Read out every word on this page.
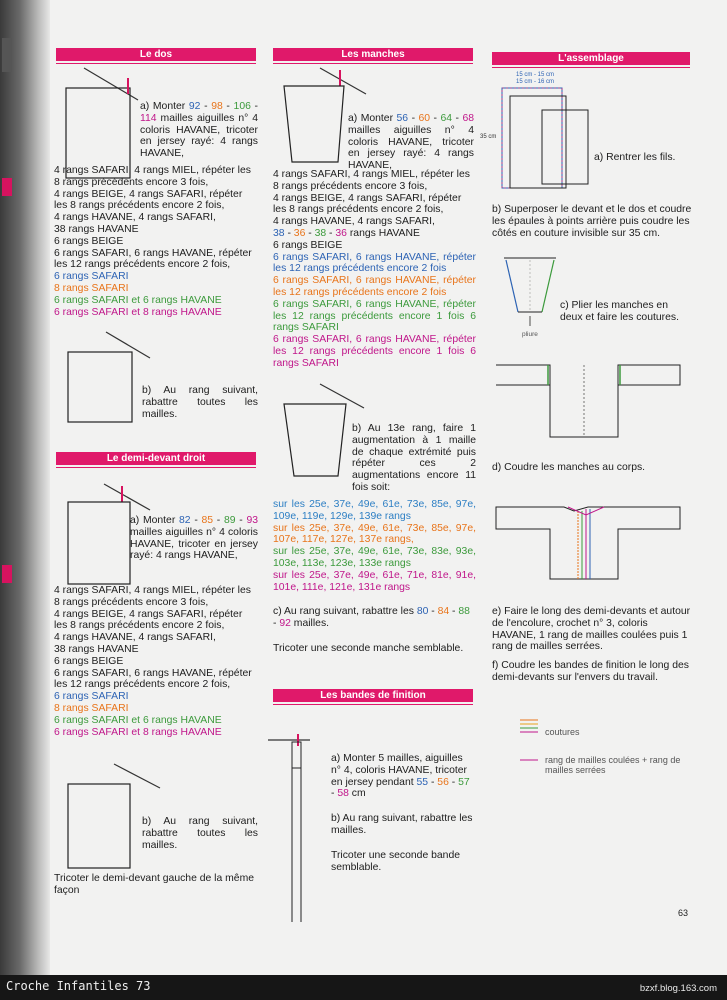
Le dos
a) Monter 92 - 98 - 106 - 114 mailles aiguilles n° 4 coloris HAVANE, tricoter en jersey rayé: 4 rangs HAVANE,

4 rangs SAFARI, 4 rangs MIEL, répéter les 8 rangs précédents encore 3 fois,

4 rangs BEIGE, 4 rangs SAFARI, répéter les 8 rangs précédents encore 2 fois,

4 rangs HAVANE, 4 rangs SAFARI,

38 rangs HAVANE

6 rangs BEIGE

6 rangs SAFARI, 6 rangs HAVANE, répéter les 12 rangs précédents encore 2 fois,

6 rangs SAFARI

8 rangs SAFARI

6 rangs SAFARI et 6 rangs HAVANE

6 rangs SAFARI et 8 rangs HAVANE

b) Au rang suivant, rabattre toutes les mailles.
Le demi-devant droit
a) Monter 82 - 85 - 89 - 93 mailles aiguilles n° 4 coloris HAVANE, tricoter en jersey rayé: 4 rangs HAVANE,

4 rangs SAFARI, 4 rangs MIEL, répéter les 8 rangs précédents encore 3 fois,

4 rangs BEIGE, 4 rangs SAFARI, répéter les 8 rangs précédents encore 2 fois,

4 rangs HAVANE, 4 rangs SAFARI,

38 rangs HAVANE

6 rangs BEIGE

6 rangs SAFARI, 6 rangs HAVANE, répéter les 12 rangs précédents encore 2 fois,

6 rangs SAFARI

8 rangs SAFARI

6 rangs SAFARI et 6 rangs HAVANE

6 rangs SAFARI et 8 rangs HAVANE

b) Au rang suivant, rabattre toutes les mailles.
Tricoter le demi-devant gauche de la même façon
Les manches
a) Monter 56 - 60 - 64 - 68 mailles aiguilles n° 4 coloris HAVANE, tricoter en jersey rayé: 4 rangs HAVANE,

4 rangs SAFARI, 4 rangs MIEL, répéter les 8 rangs précédents encore 3 fois,

4 rangs BEIGE, 4 rangs SAFARI, répéter les 8 rangs précédents encore 2 fois,

4 rangs HAVANE, 4 rangs SAFARI,

38 - 36 - 38 - 36 rangs HAVANE

6 rangs BEIGE

6 rangs SAFARI, 6 rangs HAVANE, répéter les 12 rangs précédents encore 2 fois

6 rangs SAFARI, 6 rangs HAVANE, répéter les 12 rangs précédents encore 2 fois

6 rangs SAFARI, 6 rangs HAVANE, répéter les 12 rangs précédents encore 1 fois 6 rangs SAFARI

6 rangs SAFARI, 6 rangs HAVANE, répéter les 12 rangs précédents encore 1 fois 6 rangs SAFARI

b) Au 13e rang, faire 1 augmentation à 1 maille de chaque extrémité puis répéter ces 2 augmentations encore 11 fois soit:

sur les 25e, 37e, 49e, 61e, 73e, 85e, 97e, 109e, 119e, 129e, 139e rangs

sur les 25e, 37e, 49e, 61e, 73e, 85e, 97e, 107e, 117e, 127e, 137e rangs,

sur les 25e, 37e, 49e, 61e, 73e, 83e, 93e, 103e, 113e, 123e, 133e rangs

sur les 25e, 37e, 49e, 61e, 71e, 81e, 91e, 101e, 111e, 121e, 131e rangs

c) Au rang suivant, rabattre les 80 - 84 - 88 - 92 mailles.
Tricoter une seconde manche semblable.
Les bandes de finition
a) Monter 5 mailles, aiguilles n° 4, coloris HAVANE, tricoter en jersey pendant 55 - 56 - 57 - 58 cm
b) Au rang suivant, rabattre les mailles.
Tricoter une seconde bande semblable.
L'assemblage
15 cm - 15 cm
15 cm - 16 cm
35 cm
a) Rentrer les fils.
b) Superposer le devant et le dos et coudre les épaules à points arrière puis coudre les côtés en couture invisible sur 35 cm.
pliure
c) Plier les manches en deux et faire les coutures.
d) Coudre les manches au corps.
e) Faire le long des demi-devants et autour de l'encolure, crochet n° 3, coloris HAVANE, 1 rang de mailles coulées puis 1 rang de mailles serrées.
f) Coudre les bandes de finition le long des demi-devants sur l'envers du travail.
coutures
rang de mailles coulées + rang de mailles serrées
63
Croche Infantiles 73	bzxf.blog.163.com
